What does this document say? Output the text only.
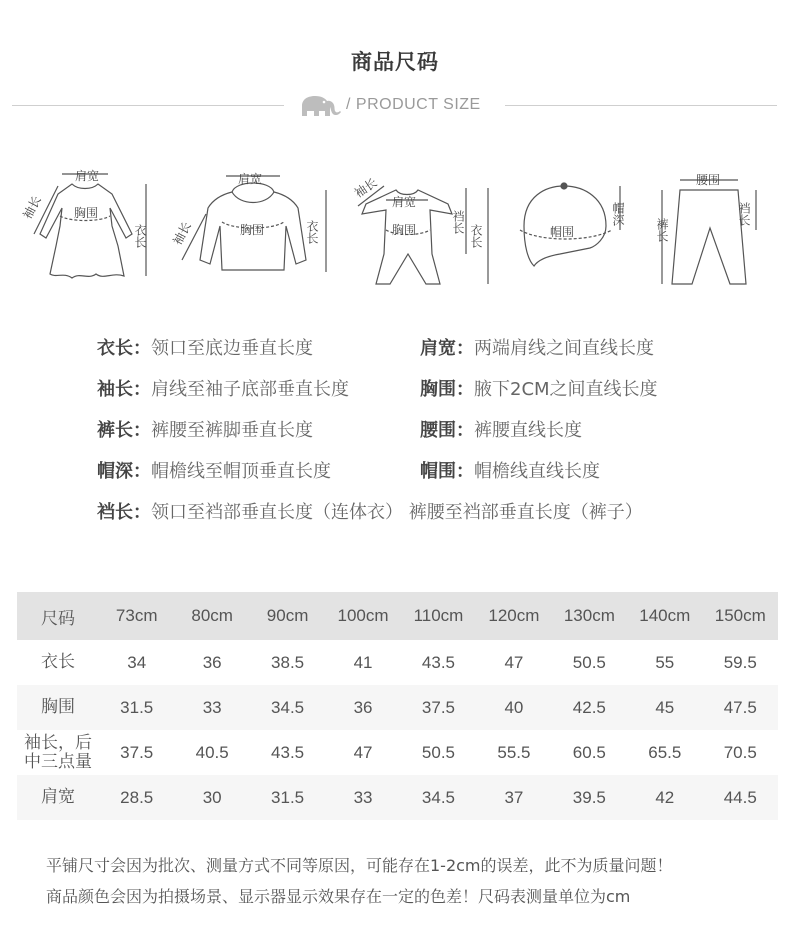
商品尺码
/ PRODUCT SIZE
肩宽
胸围
袖长
衣长
肩宽
胸围
袖长	衣长
袖长
肩宽
胸围	裆长
衣长	帽围
帽深
腰围
裤长
裆长
衣长：领口至底边垂直长度	肩宽：两端肩线之间直线长度
袖长：肩线至袖子底部垂直长度	胸围：腋下2CM之间直线长度
裤长：裤腰至裤脚垂直长度	腰围：裤腰直线长度
帽深：帽檐线至帽顶垂直长度	帽围：帽檐线直线长度
裆长：领口至裆部垂直长度（连体衣） 裤腰至裆部垂直长度（裤子）
尺码	73cm	80cm	90cm	100cm	110cm	120cm	130cm	140cm	150cm
衣长	34	36	38.5	41	43.5	47	50.5	55	59.5
胸围	31.5	33	34.5	36	37.5	40	42.5	45	47.5
袖长，后中三点量	37.5	40.5	43.5	47	50.5	55.5	60.5	65.5	70.5
肩宽	28.5	30	31.5	33	34.5	37	39.5	42	44.5
平铺尺寸会因为批次、测量方式不同等原因，可能存在1-2cm的误差，此不为质量问题！
商品颜色会因为拍摄场景、显示器显示效果存在一定的色差！尺码表测量单位为cm
